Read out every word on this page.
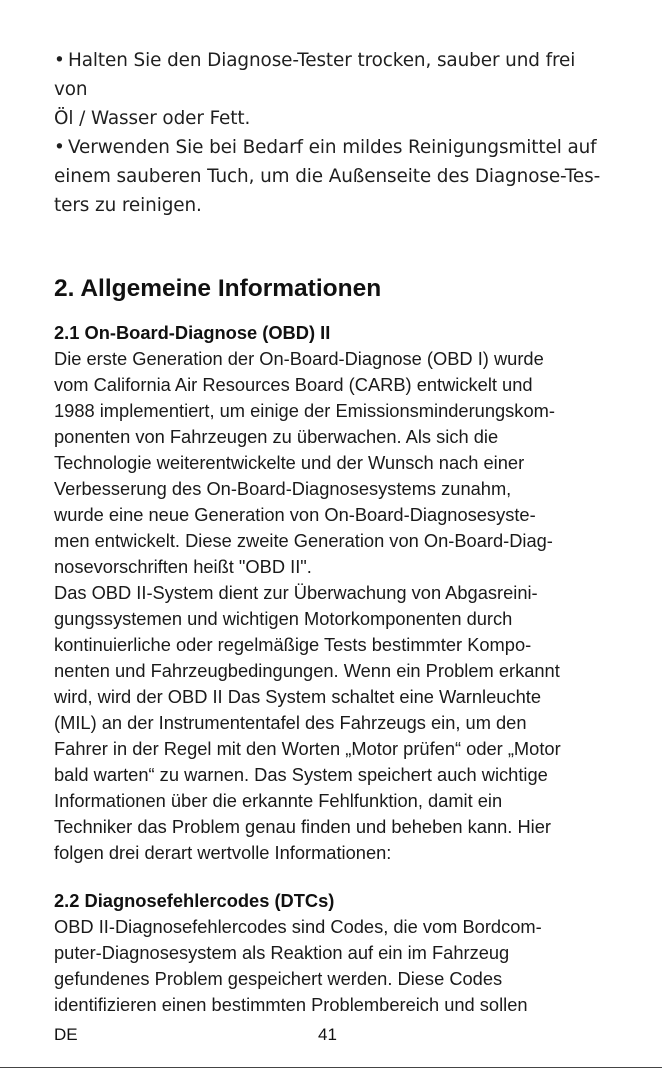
• Halten Sie den Diagnose-Tester trocken, sauber und frei von
Öl / Wasser oder Fett.

• Verwenden Sie bei Bedarf ein mildes Reinigungsmittel auf
einem sauberen Tuch, um die Außenseite des Diagnose-Tes-
ters zu reinigen.

2. Allgemeine Informationen
2.1 On-Board-Diagnose (OBD) II

Die erste Generation der On-Board-Diagnose (OBD I) wurde
vom California Air Resources Board (CARB) entwickelt und
1988 implementiert, um einige der Emissionsminderungskom-
ponenten von Fahrzeugen zu überwachen. Als sich die
Technologie weiterentwickelte und der Wunsch nach einer
Verbesserung des On-Board-Diagnosesystems zunahm,
wurde eine neue Generation von On-Board-Diagnosesyste-
men entwickelt. Diese zweite Generation von On-Board-Diag-
nosevorschriften heißt "OBD II".

Das OBD II-System dient zur Überwachung von Abgasreini-
gungssystemen und wichtigen Motorkomponenten durch
kontinuierliche oder regelmäßige Tests bestimmter Kompo-
nenten und Fahrzeugbedingungen. Wenn ein Problem erkannt
wird, wird der OBD II Das System schaltet eine Warnleuchte
(MIL) an der Instrumententafel des Fahrzeugs ein, um den
Fahrer in der Regel mit den Worten „Motor prüfen“ oder „Motor
bald warten“ zu warnen. Das System speichert auch wichtige
Informationen über die erkannte Fehlfunktion, damit ein
Techniker das Problem genau finden und beheben kann. Hier
folgen drei derart wertvolle Informationen:

2.2 Diagnosefehlercodes (DTCs)

OBD II-Diagnosefehlercodes sind Codes, die vom Bordcom-
puter-Diagnosesystem als Reaktion auf ein im Fahrzeug
gefundenes Problem gespeichert werden. Diese Codes
identifizieren einen bestimmten Problembereich und sollen

DE	41
